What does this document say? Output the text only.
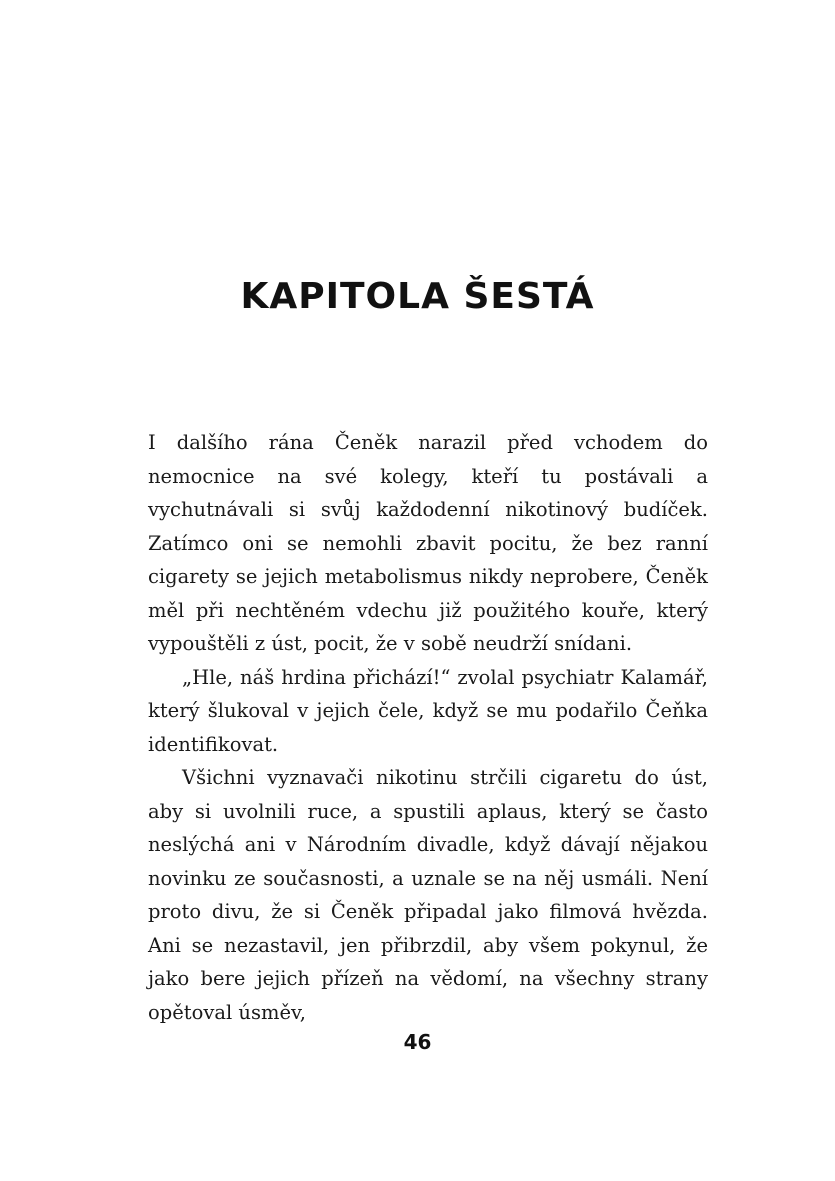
KAPITOLA ŠESTÁ

I dalšího rána Čeněk narazil před vchodem do nemocnice na své kolegy, kteří tu postávali a vychutnávali si svůj každodenní nikotinový budíček. Zatímco oni se nemohli zbavit pocitu, že bez ranní cigarety se jejich metabolismus nikdy neprobere, Čeněk měl při nechtěném vdechu již použitého kouře, který vypouštěli z úst, pocit, že v sobě neudrží snídani.

„Hle, náš hrdina přichází!“ zvolal psychiatr Kalamář, který šlukoval v jejich čele, když se mu podařilo Čeňka identifikovat.

Všichni vyznavači nikotinu strčili cigaretu do úst, aby si uvolnili ruce, a spustili aplaus, který se často neslýchá ani v Národním divadle, když dávají nějakou novinku ze současnosti, a uznale se na něj usmáli. Není proto divu, že si Čeněk připadal jako filmová hvězda. Ani se nezastavil, jen přibrzdil, aby všem pokynul, že jako bere jejich přízeň na vědomí, na všechny strany opětoval úsměv,

46
